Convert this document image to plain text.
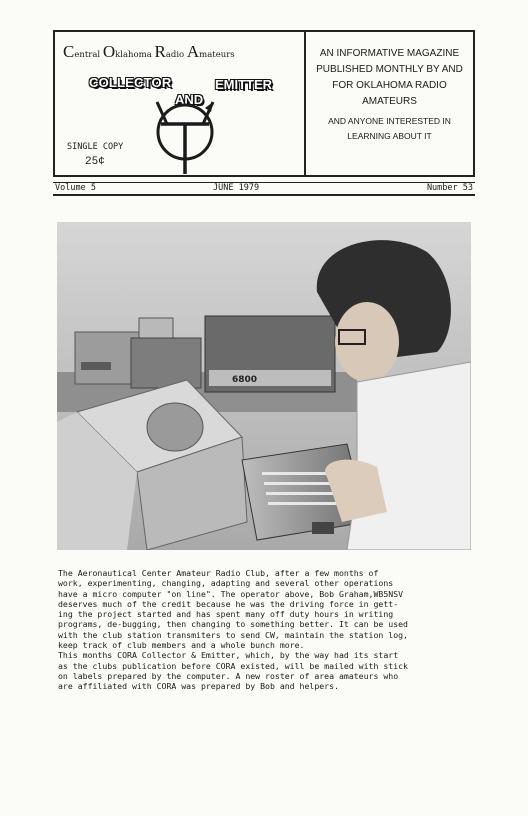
Central Oklahoma Radio Amateurs
COLLECTOR
AND
EMITTER
SINGLE COPY
25¢
AN INFORMATIVE MAGAZINE
PUBLISHED MONTHLY BY AND
FOR OKLAHOMA RADIO
AMATEURS
AND ANYONE INTERESTED IN
LEARNING ABOUT IT
Volume 5	JUNE 1979	Number 53
6800
The Aeronautical Center Amateur Radio Club, after a few months of
work, experimenting, changing, adapting and several other operations
have a micro computer "on line". The operator above, Bob Graham,WB5NSV
deserves much of the credit because he was the driving force in gett-
ing the project started and has spent many off duty hours in writing
programs, de-bugging, then changing to something better. It can be used
with the club station transmiters to send CW, maintain the station log,
keep track of club members and a whole bunch more.
This months CORA Collector & Emitter, which, by the way had its start
as the clubs publication before CORA existed, will be mailed with stick
on labels prepared by the computer. A new roster of area amateurs who
are affiliated with CORA was prepared by Bob and helpers.
